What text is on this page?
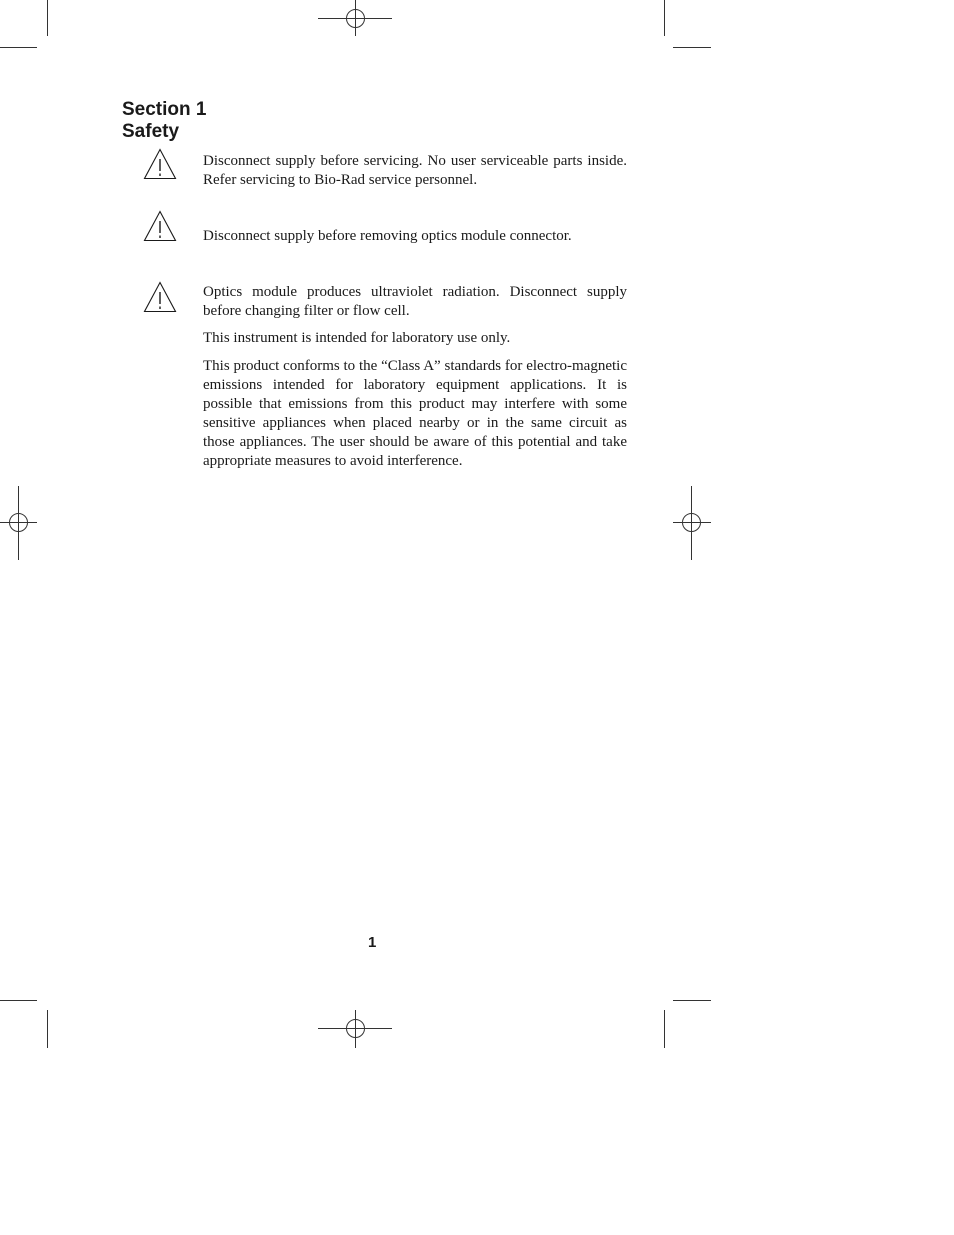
Section 1
Safety

Disconnect supply before servicing. No user serviceable parts inside. Refer servicing to Bio-Rad service personnel.

Disconnect supply before removing optics module connector.

Optics module produces ultraviolet radiation. Disconnect supply before changing filter or flow cell.

This instrument is intended for laboratory use only.

This product conforms to the “Class A” standards for electro-magnetic emissions intended for laboratory equipment applications. It is possible that emissions from this product may interfere with some sensitive appliances when placed nearby or in the same circuit as those appliances. The user should be aware of this potential and take appropriate measures to avoid interference.

1
